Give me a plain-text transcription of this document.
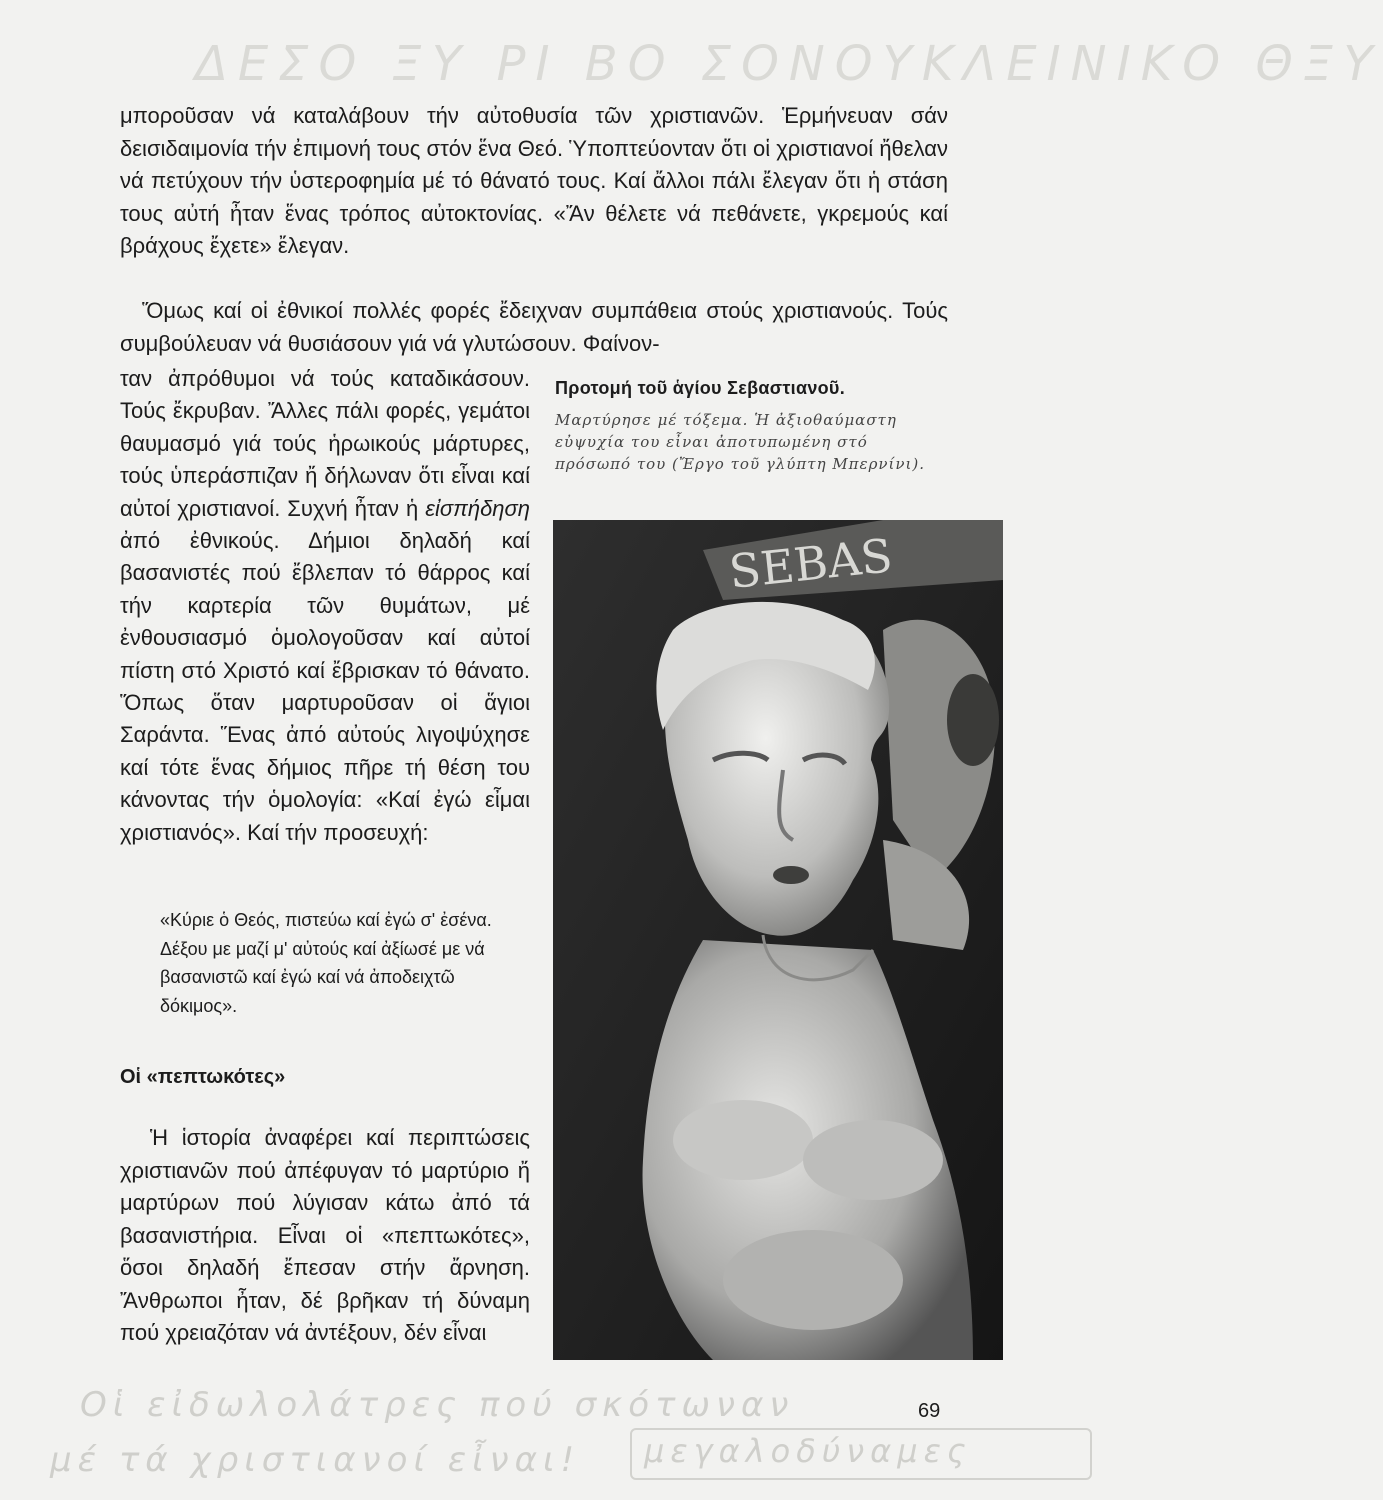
ΔΕΣΟ ΞΥ ΡΙ ΒΟ ΣΟΝΟΥΚΛΕΙΝΙΚΟ ΘΞΥ

μποροῦσαν νά καταλάβουν τήν αὐτοθυσία τῶν χριστιανῶν. Ἑρμήνευαν σάν δεισιδαιμονία τήν ἐπιμονή τους στόν ἕνα Θεό. Ὑποπτεύονταν ὅτι οἱ χριστιανοί ἤθελαν νά πετύχουν τήν ὑστεροφημία μέ τό θάνατό τους. Καί ἄλλοι πάλι ἔλεγαν ὅτι ἡ στάση τους αὐτή ἦταν ἕνας τρόπος αὐτοκτονίας. «Ἄν θέλετε νά πεθάνετε, γκρεμούς καί βράχους ἔχετε» ἔλεγαν.

Ὅμως καί οἱ ἐθνικοί πολλές φορές ἔδειχναν συμπάθεια στούς χριστιανούς. Τούς συμβούλευαν νά θυσιάσουν γιά νά γλυτώσουν. Φαίνον-

ταν ἀπρόθυμοι νά τούς καταδικάσουν. Τούς ἔκρυβαν. Ἄλλες πάλι φορές, γεμάτοι θαυμασμό γιά τούς ἡρωικούς μάρτυρες, τούς ὑπεράσπιζαν ἤ δήλωναν ὅτι εἶναι καί αὐτοί χριστιανοί. Συχνή ἦταν ἡ εἰσπήδηση ἀπό ἐθνικούς. Δήμιοι δηλαδή καί βασανιστές πού ἔβλεπαν τό θάρρος καί τήν καρτερία τῶν θυμάτων, μέ ἐνθουσιασμό ὁμολογοῦσαν καί αὐτοί πίστη στό Χριστό καί ἔβρισκαν τό θάνατο. Ὅπως ὅταν μαρτυροῦσαν οἱ ἅγιοι Σαράντα. Ἕνας ἀπό αὐτούς λιγοψύχησε καί τότε ἕνας δήμιος πῆρε τή θέση του κάνοντας τήν ὁμολογία: «Καί ἐγώ εἶμαι χριστιανός». Καί τήν προσευχή:

«Κύριε ὁ Θεός, πιστεύω καί ἐγώ σ' ἐσένα. Δέξου με μαζί μ' αὐτούς καί ἀξίωσέ με νά βασανιστῶ καί ἐγώ καί νά ἀποδειχτῶ δόκιμος».

Οἱ «πεπτωκότες»

Ἡ ἱστορία ἀναφέρει καί περιπτώσεις χριστιανῶν πού ἀπέφυγαν τό μαρτύριο ἤ μαρτύρων πού λύγισαν κάτω ἀπό τά βασανιστήρια. Εἶναι οἱ «πεπτωκότες», ὅσοι δηλαδή ἔπεσαν στήν ἄρνηση. Ἄνθρωποι ἦταν, δέ βρῆκαν τή δύναμη πού χρειαζόταν νά ἀντέξουν, δέν εἶναι

Προτομή τοῦ ἁγίου Σεβαστιανοῦ.

Μαρτύρησε μέ τόξεμα. Ἡ ἀξιοθαύμαστη εὐψυχία του εἶναι ἀποτυπωμένη στό πρόσωπό του (Ἔργο τοῦ γλύπτη Μπερνίνι).

SEBAS

69

Οἱ εἰδωλολάτρες πού σκότωναν
μέ τά χριστιανοί εἶναι! μεγαλοδύναμες
